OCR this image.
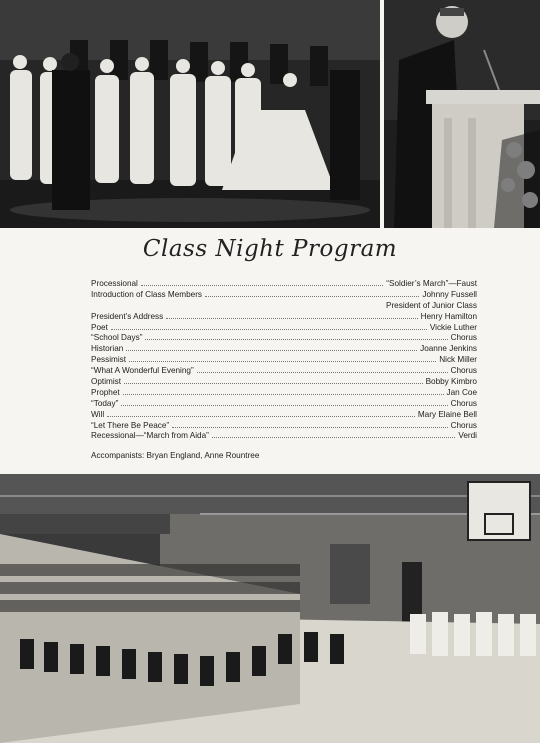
Class Night Program
Processional	“Soldier’s March”—Faust
Introduction of Class Members	Johnny Fussell
President of Junior Class
President’s Address	Henry Hamilton
Poet	Vickie Luther
“School Days”	Chorus
Historian	Joanne Jenkins
Pessimist	Nick Miller
“What A Wonderful Evening”	Chorus
Optimist	Bobby Kimbro
Prophet	Jan Coe
“Today”	Chorus
Will	Mary Elaine Bell
“Let There Be Peace”	Chorus
Recessional—“March from Aida”	Verdi
Accompanists: Bryan England, Anne Rountree
